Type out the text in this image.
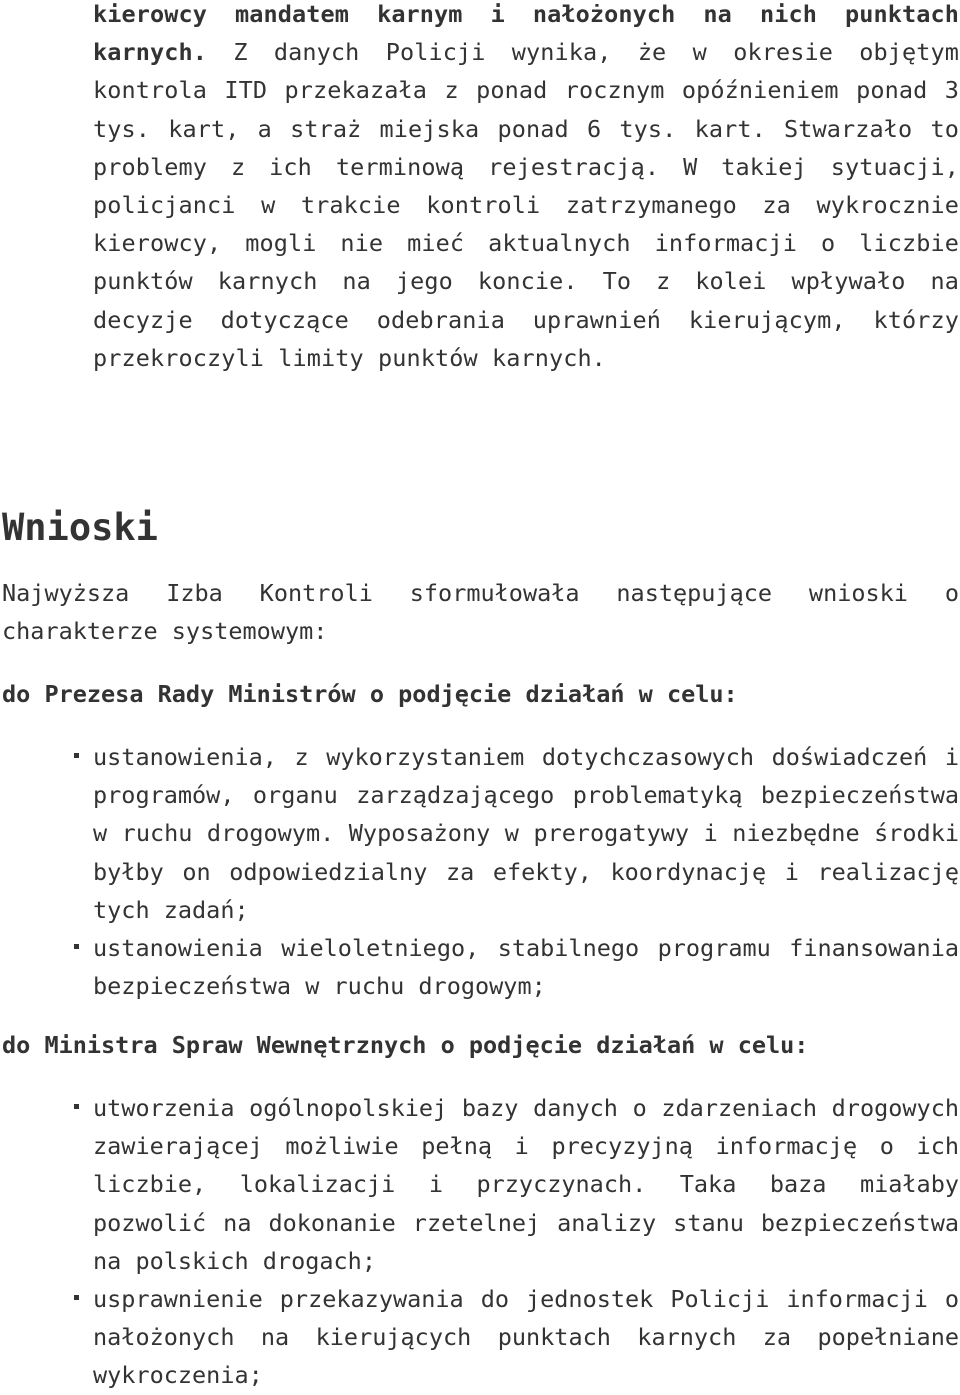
kierowcy mandatem karnym i nałożonych na nich punktach karnych. Z danych Policji wynika, że w okresie objętym kontrola ITD przekazała z ponad rocznym opóźnieniem ponad 3 tys. kart, a straż miejska ponad 6 tys. kart. Stwarzało to problemy z ich terminową rejestracją. W takiej sytuacji, policjanci w trakcie kontroli zatrzymanego za wykrocznie kierowcy, mogli nie mieć aktualnych informacji o liczbie punktów karnych na jego koncie. To z kolei wpływało na decyzje dotyczące odebrania uprawnień kierującym, którzy przekroczyli limity punktów karnych.

Wnioski

Najwyższa Izba Kontroli sformułowała następujące wnioski o charakterze systemowym:

do Prezesa Rady Ministrów o podjęcie działań w celu:
ustanowienia, z wykorzystaniem dotychczasowych doświadczeń i programów, organu zarządzającego problematyką bezpieczeństwa w ruchu drogowym. Wyposażony w prerogatywy i niezbędne środki byłby on odpowiedzialny za efekty, koordynację i realizację tych zadań;
ustanowienia wieloletniego, stabilnego programu finansowania bezpieczeństwa w ruchu drogowym;
do Ministra Spraw Wewnętrznych o podjęcie działań w celu:
utworzenia ogólnopolskiej bazy danych o zdarzeniach drogowych zawierającej możliwie pełną i precyzyjną informację o ich liczbie, lokalizacji i przyczynach. Taka baza miałaby pozwolić na dokonanie rzetelnej analizy stanu bezpieczeństwa na polskich drogach;
usprawnienie przekazywania do jednostek Policji informacji o nałożonych na kierujących punktach karnych za popełniane wykroczenia;
